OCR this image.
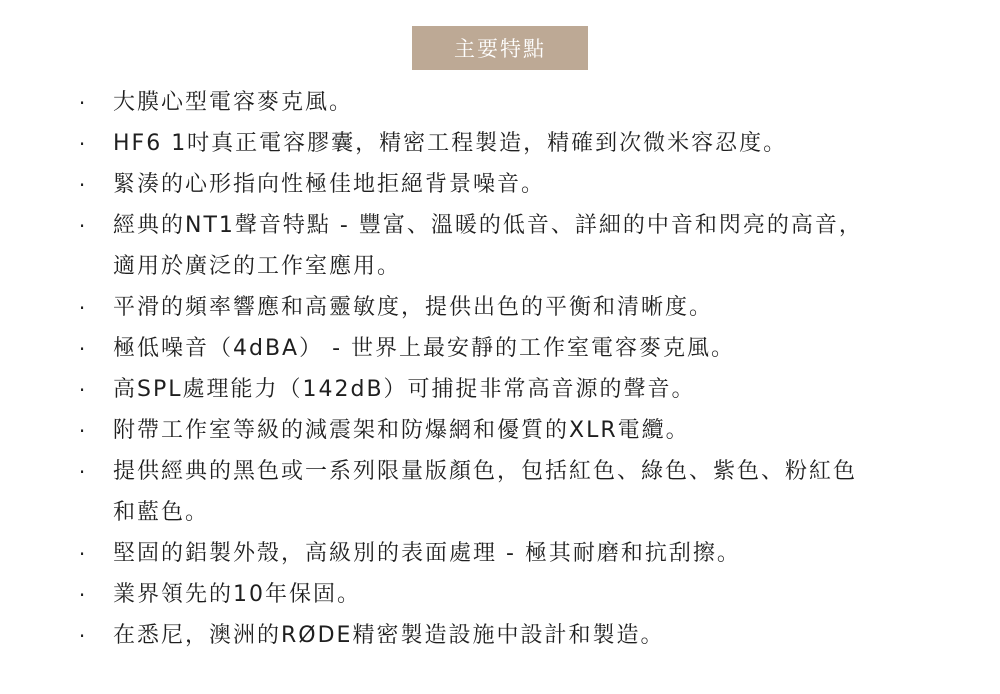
主要特點
· 大膜心型電容麥克風。
· HF6 1吋真正電容膠囊，精密工程製造，精確到次微米容忍度。
· 緊湊的心形指向性極佳地拒絕背景噪音。
· 經典的NT1聲音特點 - 豐富、溫暖的低音、詳細的中音和閃亮的高音，
適用於廣泛的工作室應用。
· 平滑的頻率響應和高靈敏度，提供出色的平衡和清晰度。
· 極低噪音（4dBA） - 世界上最安靜的工作室電容麥克風。
· 高SPL處理能力（142dB）可捕捉非常高音源的聲音。
· 附帶工作室等級的減震架和防爆網和優質的XLR電纜。
· 提供經典的黑色或一系列限量版顏色，包括紅色、綠色、紫色、粉紅色
和藍色。
· 堅固的鋁製外殼，高級別的表面處理 - 極其耐磨和抗刮擦。
· 業界領先的10年保固。
· 在悉尼，澳洲的RØDE精密製造設施中設計和製造。
